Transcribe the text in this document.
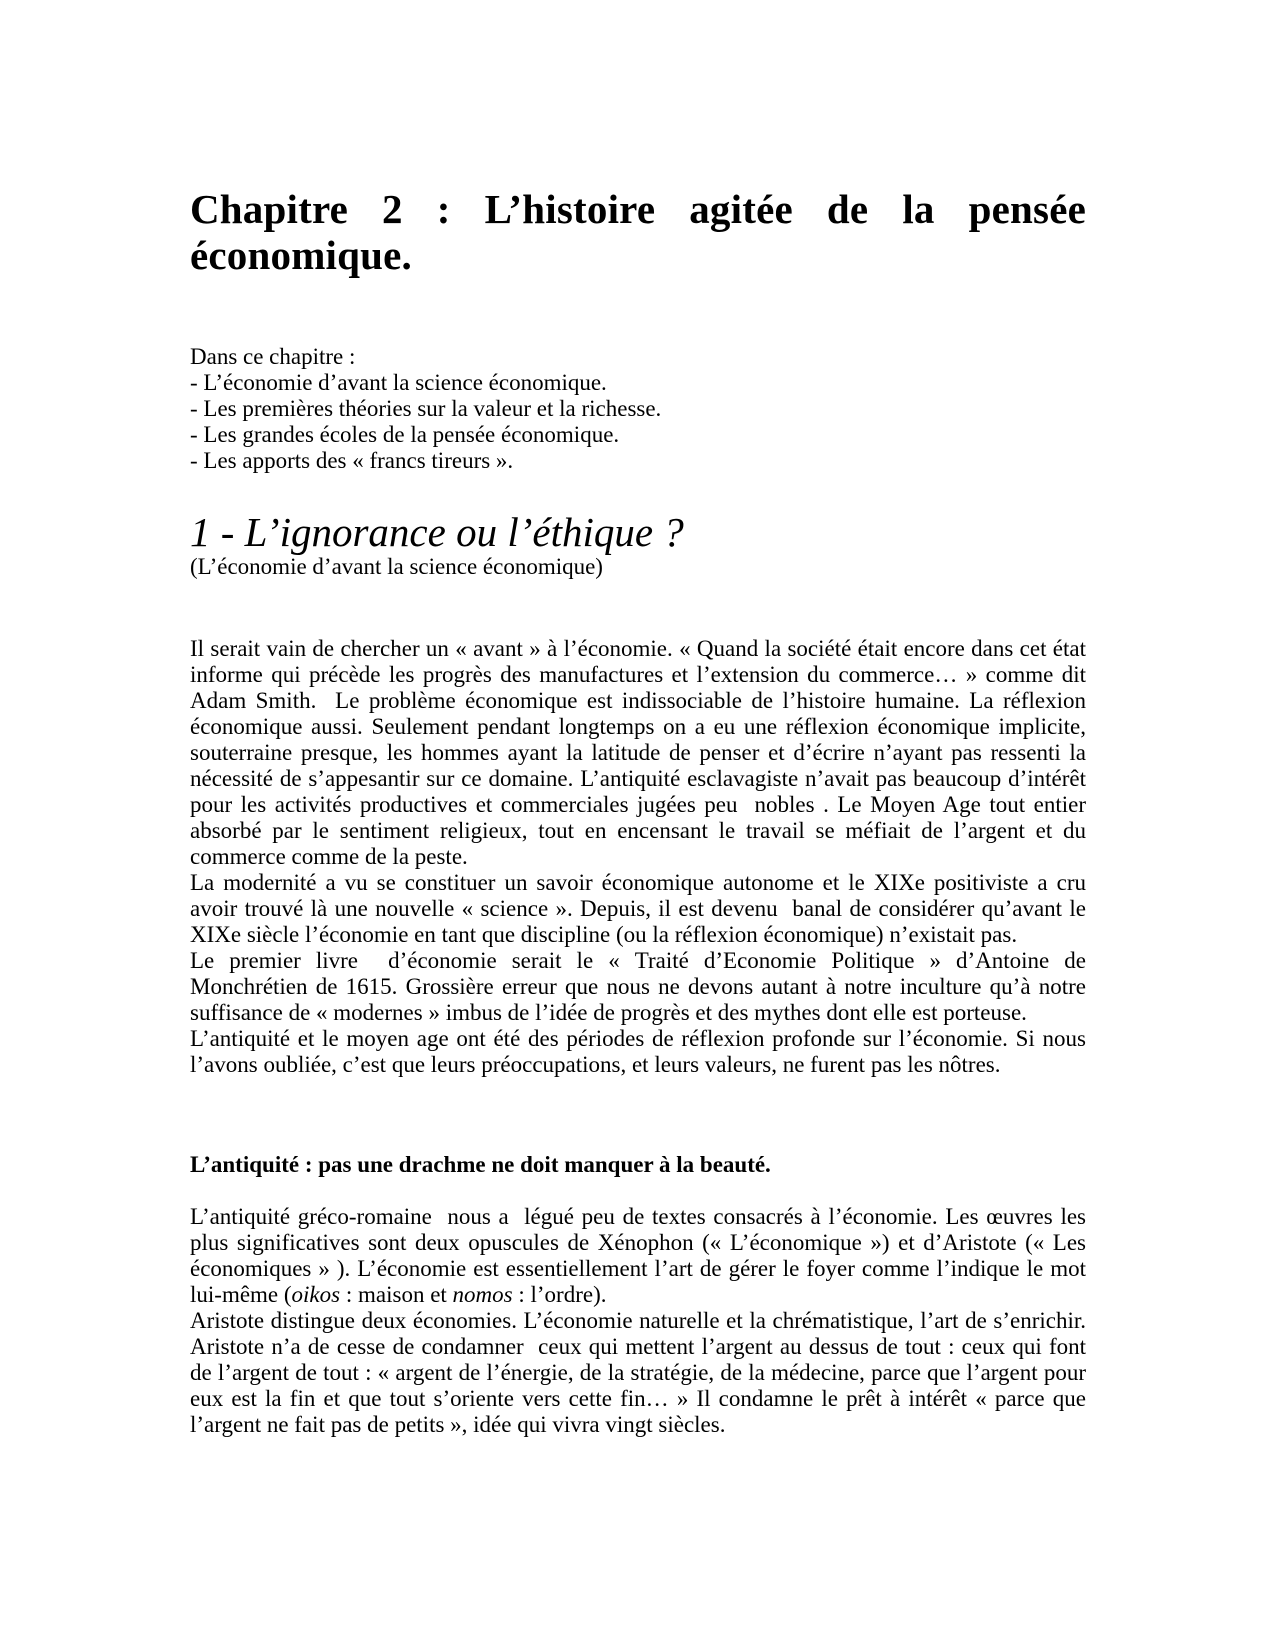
Chapitre 2 : L’histoire agitée de la pensée
économique.
Dans ce chapitre :
- L’économie d’avant la science économique.
- Les premières théories sur la valeur et la richesse.
- Les grandes écoles de la pensée économique.
- Les apports des « francs tireurs ».
1 - L’ignorance ou l’éthique ?
(L’économie d’avant la science économique)

Il serait vain de chercher un « avant » à l’économie. « Quand la société était encore dans cet état informe qui précède les progrès des manufactures et l’extension du commerce… » comme dit Adam Smith.  Le problème économique est indissociable de l’histoire humaine. La réflexion économique aussi. Seulement pendant longtemps on a eu une réflexion économique implicite, souterraine presque, les hommes ayant la latitude de penser et d’écrire n’ayant pas ressenti la nécessité de s’appesantir sur ce domaine. L’antiquité esclavagiste n’avait pas beaucoup d’intérêt pour les activités productives et commerciales jugées peu  nobles . Le Moyen Age tout entier absorbé par le sentiment religieux, tout en encensant le travail se méfiait de l’argent et du commerce comme de la peste.

La modernité a vu se constituer un savoir économique autonome et le XIXe positiviste a cru avoir trouvé là une nouvelle « science ». Depuis, il est devenu  banal de considérer qu’avant le XIXe siècle l’économie en tant que discipline (ou la réflexion économique) n’existait pas.

Le premier livre  d’économie serait le « Traité d’Economie Politique » d’Antoine de Monchrétien de 1615. Grossière erreur que nous ne devons autant à notre inculture qu’à notre suffisance de « modernes » imbus de l’idée de progrès et des mythes dont elle est porteuse.

L’antiquité et le moyen age ont été des périodes de réflexion profonde sur l’économie. Si nous l’avons oubliée, c’est que leurs préoccupations, et leurs valeurs, ne furent pas les nôtres.

L’antiquité : pas une drachme ne doit manquer à la beauté.

L’antiquité gréco-romaine  nous a  légué peu de textes consacrés à l’économie. Les œuvres les plus significatives sont deux opuscules de Xénophon (« L’économique ») et d’Aristote (« Les économiques » ). L’économie est essentiellement l’art de gérer le foyer comme l’indique le mot lui-même (oikos : maison et nomos : l’ordre).

Aristote distingue deux économies. L’économie naturelle et la chrématistique, l’art de s’enrichir. Aristote n’a de cesse de condamner  ceux qui mettent l’argent au dessus de tout : ceux qui font de l’argent de tout : « argent de l’énergie, de la stratégie, de la médecine, parce que l’argent pour eux est la fin et que tout s’oriente vers cette fin… » Il condamne le prêt à intérêt « parce que l’argent ne fait pas de petits », idée qui vivra vingt siècles.
